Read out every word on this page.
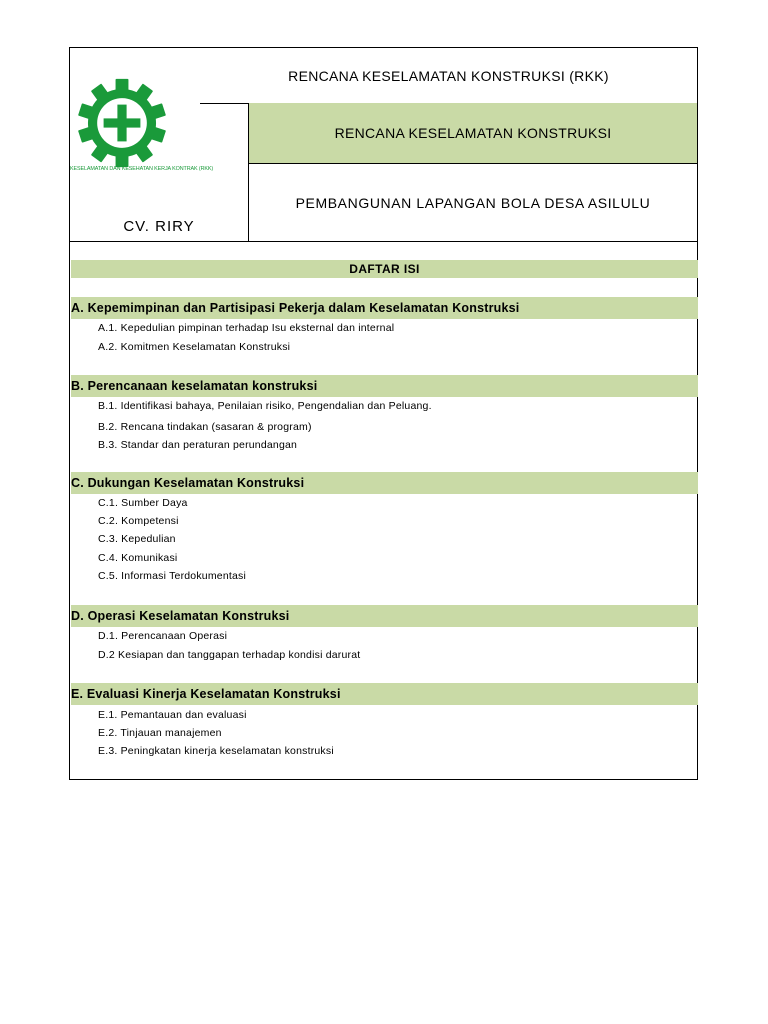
RENCANA KESELAMATAN KONSTRUKSI (RKK)
KESELAMATAN DAN KESEHATAN KERJA KONTRAK (RKK)
RENCANA KESELAMATAN KONSTRUKSI
PEMBANGUNAN LAPANGAN BOLA DESA ASILULU
CV. RIRY
DAFTAR ISI
A. Kepemimpinan dan Partisipasi Pekerja dalam Keselamatan Konstruksi
A.1. Kepedulian pimpinan terhadap Isu eksternal dan internal
A.2. Komitmen Keselamatan Konstruksi
B. Perencanaan keselamatan konstruksi
B.1. Identifikasi bahaya, Penilaian risiko, Pengendalian dan Peluang.
B.2. Rencana tindakan (sasaran & program)
B.3. Standar dan peraturan perundangan
C. Dukungan Keselamatan Konstruksi
C.1. Sumber Daya
C.2. Kompetensi
C.3. Kepedulian
C.4. Komunikasi
C.5. Informasi Terdokumentasi
D. Operasi Keselamatan Konstruksi
D.1. Perencanaan Operasi
D.2 Kesiapan dan tanggapan terhadap kondisi darurat
E. Evaluasi Kinerja Keselamatan Konstruksi
E.1. Pemantauan dan evaluasi
E.2. Tinjauan manajemen
E.3. Peningkatan kinerja keselamatan konstruksi
